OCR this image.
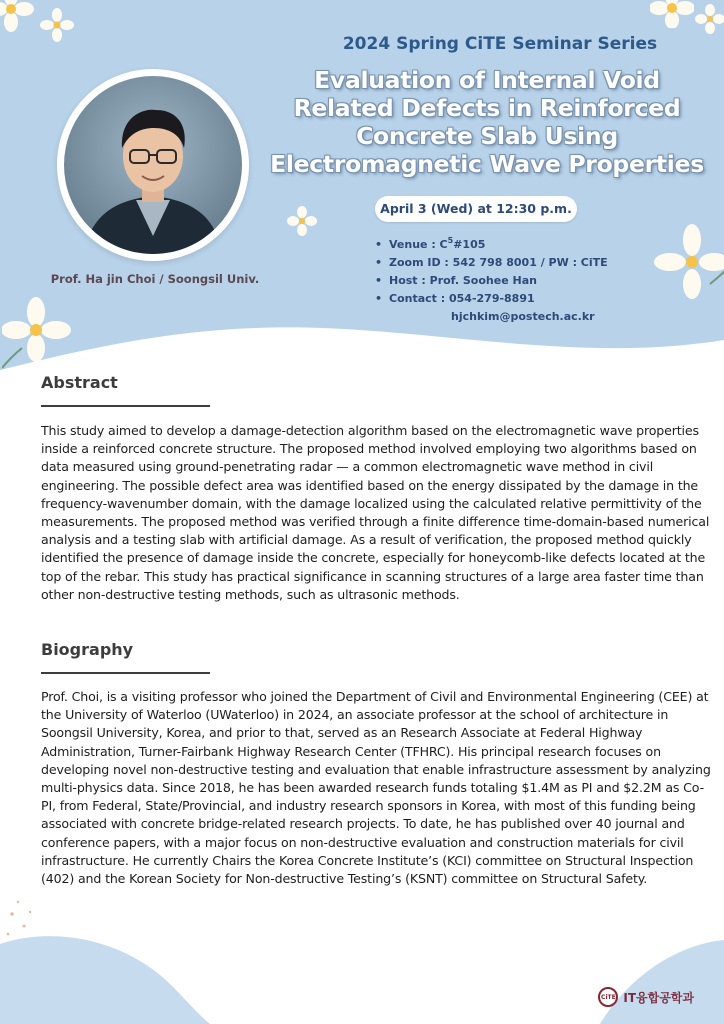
Prof. Ha jin Choi / Soongsil Univ.
2024 Spring CiTE Seminar Series
Evaluation of Internal Void
Related Defects in Reinforced
Concrete Slab Using
Electromagnetic Wave Properties
April 3 (Wed) at 12:30 p.m.
• Venue : $C^5\#105$
• Zoom ID : 542 798 8001 / PW : CiTE
• Host : Prof. Soohee Han
• Contact : 054-279-8891
hjchkim@postech.ac.kr
Abstract
This study aimed to develop a damage-detection algorithm based on the electromagnetic wave properties inside a reinforced concrete structure. The proposed method involved employing two algorithms based on data measured using ground-penetrating radar — a common electromagnetic wave method in civil engineering. The possible defect area was identified based on the energy dissipated by the damage in the frequency-wavenumber domain, with the damage localized using the calculated relative permittivity of the measurements. The proposed method was verified through a finite difference time-domain-based numerical analysis and a testing slab with artificial damage. As a result of verification, the proposed method quickly identified the presence of damage inside the concrete, especially for honeycomb-like defects located at the top of the rebar. This study has practical significance in scanning structures of a large area faster time than other non-destructive testing methods, such as ultrasonic methods.
Biography
Prof. Choi, is a visiting professor who joined the Department of Civil and Environmental Engineering (CEE) at the University of Waterloo (UWaterloo) in 2024, an associate professor at the school of architecture in Soongsil University, Korea, and prior to that, served as an Research Associate at Federal Highway Administration, Turner-Fairbank Highway Research Center (TFHRC). His principal research focuses on developing novel non-destructive testing and evaluation that enable infrastructure assessment by analyzing multi-physics data. Since 2018, he has been awarded research funds totaling $1.4M as PI and $2.2M as Co-PI, from Federal, State/Provincial, and industry research sponsors in Korea, with most of this funding being associated with concrete bridge-related research projects. To date, he has published over 40 journal and conference papers, with a major focus on non-destructive evaluation and construction materials for civil infrastructure. He currently Chairs the Korea Concrete Institute’s (KCI) committee on Structural Inspection (402) and the Korean Society for Non-destructive Testing’s (KSNT) committee on Structural Safety.
CiTE IT융합공학과
